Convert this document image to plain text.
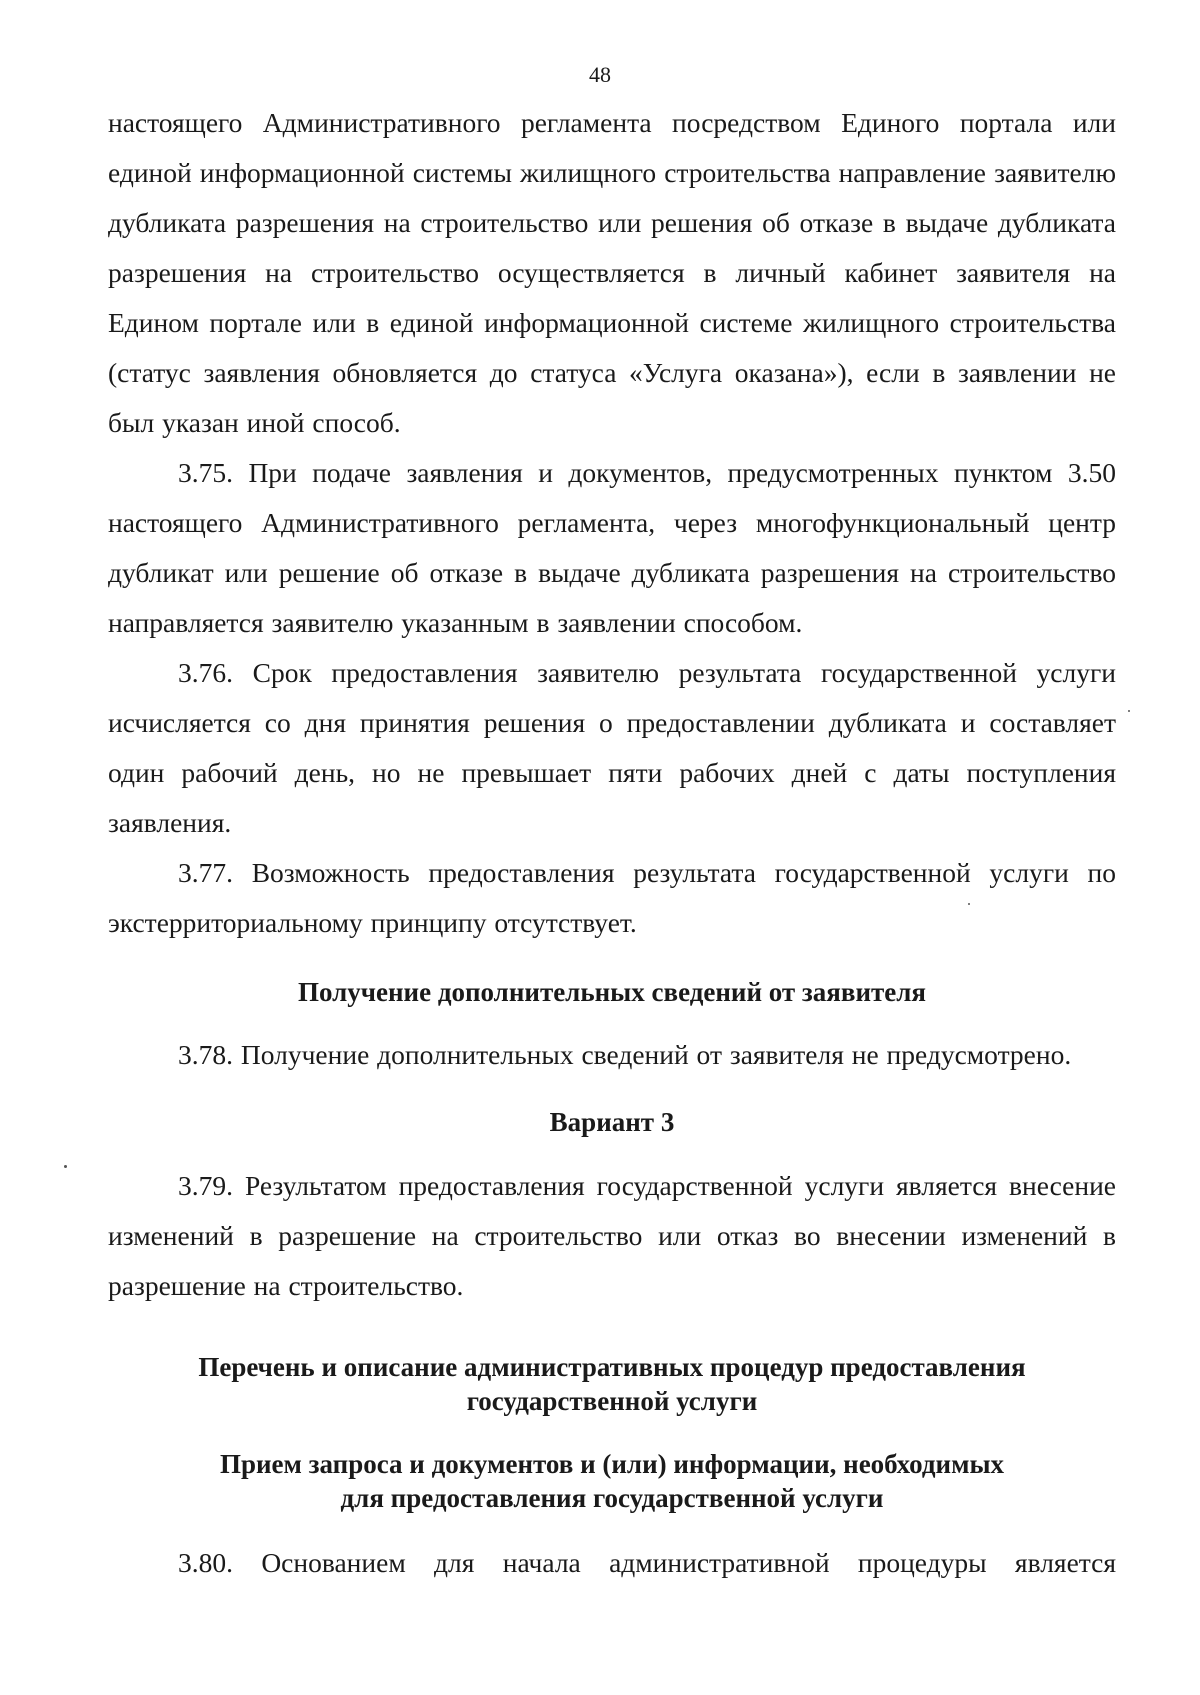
48

настоящего Административного регламента посредством Единого портала или единой информационной системы жилищного строительства направление заявителю дубликата разрешения на строительство или решения об отказе в выдаче дубликата разрешения на строительство осуществляется в личный кабинет заявителя на Едином портале или в единой информационной системе жилищного строительства (статус заявления обновляется до статуса «Услуга оказана»), если в заявлении не был указан иной способ.

3.75. При подаче заявления и документов, предусмотренных пунктом 3.50 настоящего Административного регламента, через многофункциональный центр дубликат или решение об отказе в выдаче дубликата разрешения на строительство направляется заявителю указанным в заявлении способом.

3.76. Срок предоставления заявителю результата государственной услуги исчисляется со дня принятия решения о предоставлении дубликата и составляет один рабочий день, но не превышает пяти рабочих дней с даты поступления заявления.

3.77. Возможность предоставления результата государственной услуги по экстерриториальному принципу отсутствует.

Получение дополнительных сведений от заявителя

3.78. Получение дополнительных сведений от заявителя не предусмотрено.

Вариант 3

3.79. Результатом предоставления государственной услуги является внесение изменений в разрешение на строительство или отказ во внесении изменений в разрешение на строительство.

Перечень и описание административных процедур предоставления
государственной услуги
Прием запроса и документов и (или) информации, необходимых
для предоставления государственной услуги

3.80. Основанием для начала административной процедуры является
